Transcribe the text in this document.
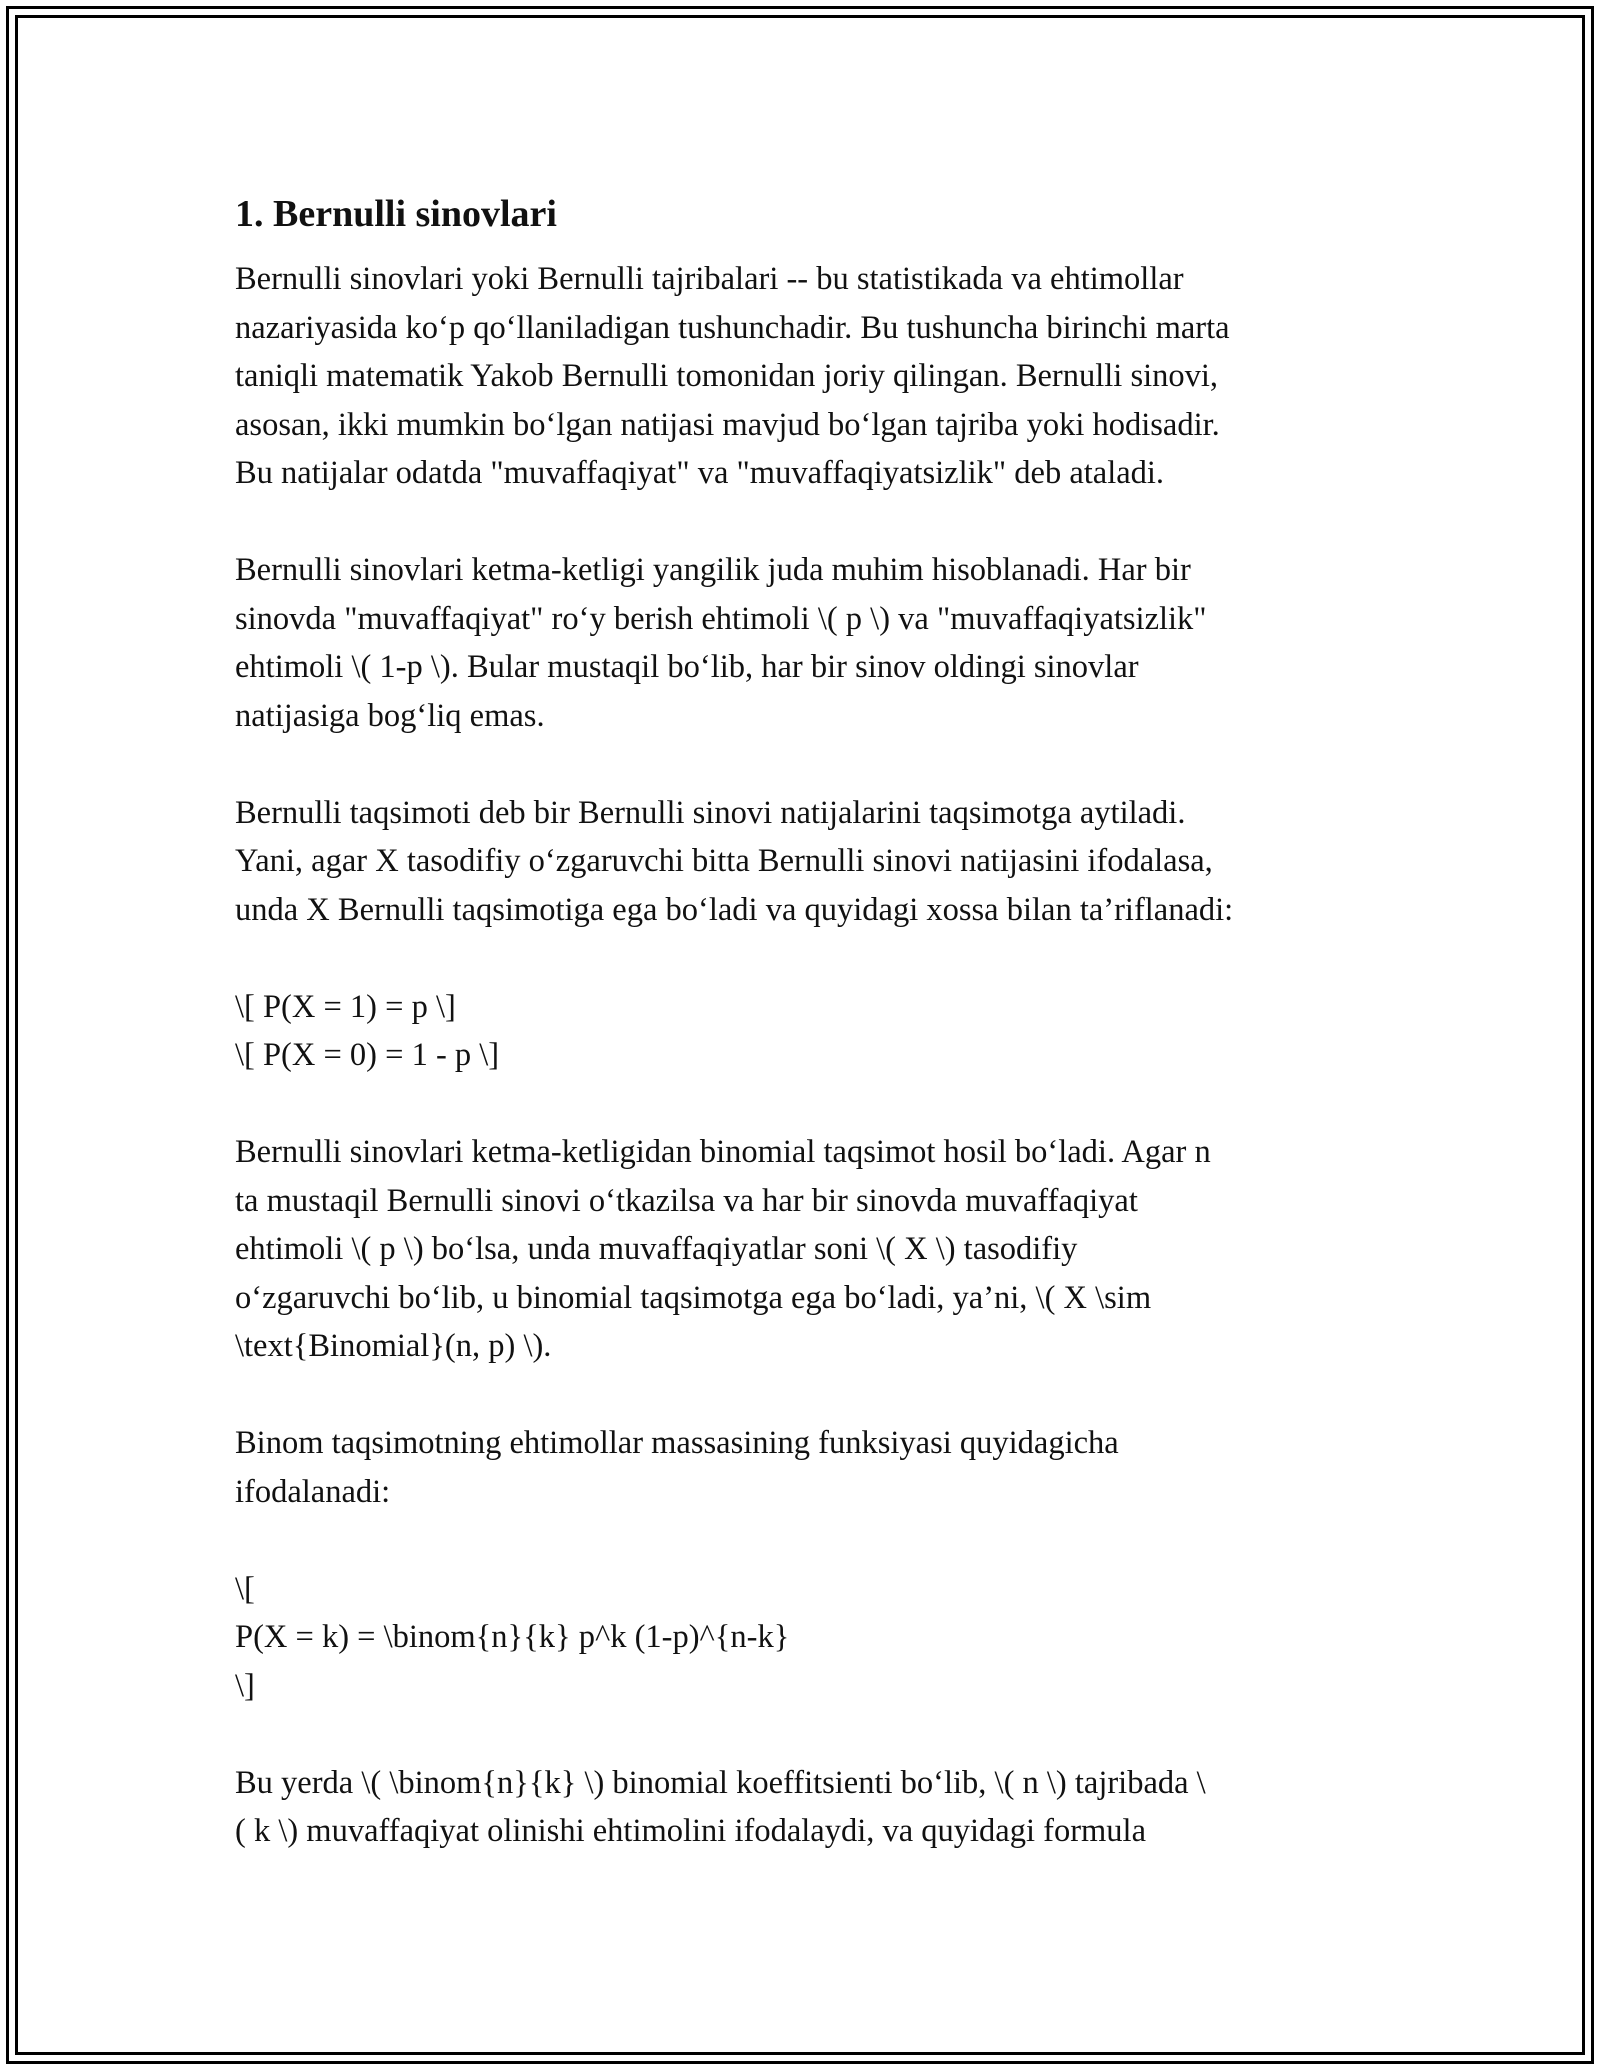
1. Bernulli sinovlari
Bernulli sinovlari yoki Bernulli tajribalari -- bu statistikada va ehtimollar
nazariyasida koʻp qoʻllaniladigan tushunchadir. Bu tushuncha birinchi marta
taniqli matematik Yakob Bernulli tomonidan joriy qilingan. Bernulli sinovi,
asosan, ikki mumkin boʻlgan natijasi mavjud boʻlgan tajriba yoki hodisadir.
Bu natijalar odatda "muvaffaqiyat" va "muvaffaqiyatsizlik" deb ataladi.
Bernulli sinovlari ketma-ketligi yangilik juda muhim hisoblanadi. Har bir
sinovda "muvaffaqiyat" roʻy berish ehtimoli \( p \) va "muvaffaqiyatsizlik"
ehtimoli \( 1-p \). Bular mustaqil boʻlib, har bir sinov oldingi sinovlar
natijasiga bogʻliq emas.
Bernulli taqsimoti deb bir Bernulli sinovi natijalarini taqsimotga aytiladi.
Yani, agar X tasodifiy oʻzgaruvchi bitta Bernulli sinovi natijasini ifodalasa,
unda X Bernulli taqsimotiga ega boʻladi va quyidagi xossa bilan ta’riflanadi:
\[ P(X = 1) = p \]
\[ P(X = 0) = 1 - p \]
Bernulli sinovlari ketma-ketligidan binomial taqsimot hosil boʻladi. Agar n
ta mustaqil Bernulli sinovi oʻtkazilsa va har bir sinovda muvaffaqiyat
ehtimoli \( p \) boʻlsa, unda muvaffaqiyatlar soni \( X \) tasodifiy
oʻzgaruvchi boʻlib, u binomial taqsimotga ega boʻladi, ya’ni, \( X \sim
\text{Binomial}(n, p) \).
Binom taqsimotning ehtimollar massasining funksiyasi quyidagicha
ifodalanadi:
\[
P(X = k) = \binom{n}{k} p^k (1-p)^{n-k}
\]
Bu yerda \( \binom{n}{k} \) binomial koeffitsienti boʻlib, \( n \) tajribada \
( k \) muvaffaqiyat olinishi ehtimolini ifodalaydi, va quyidagi formula
